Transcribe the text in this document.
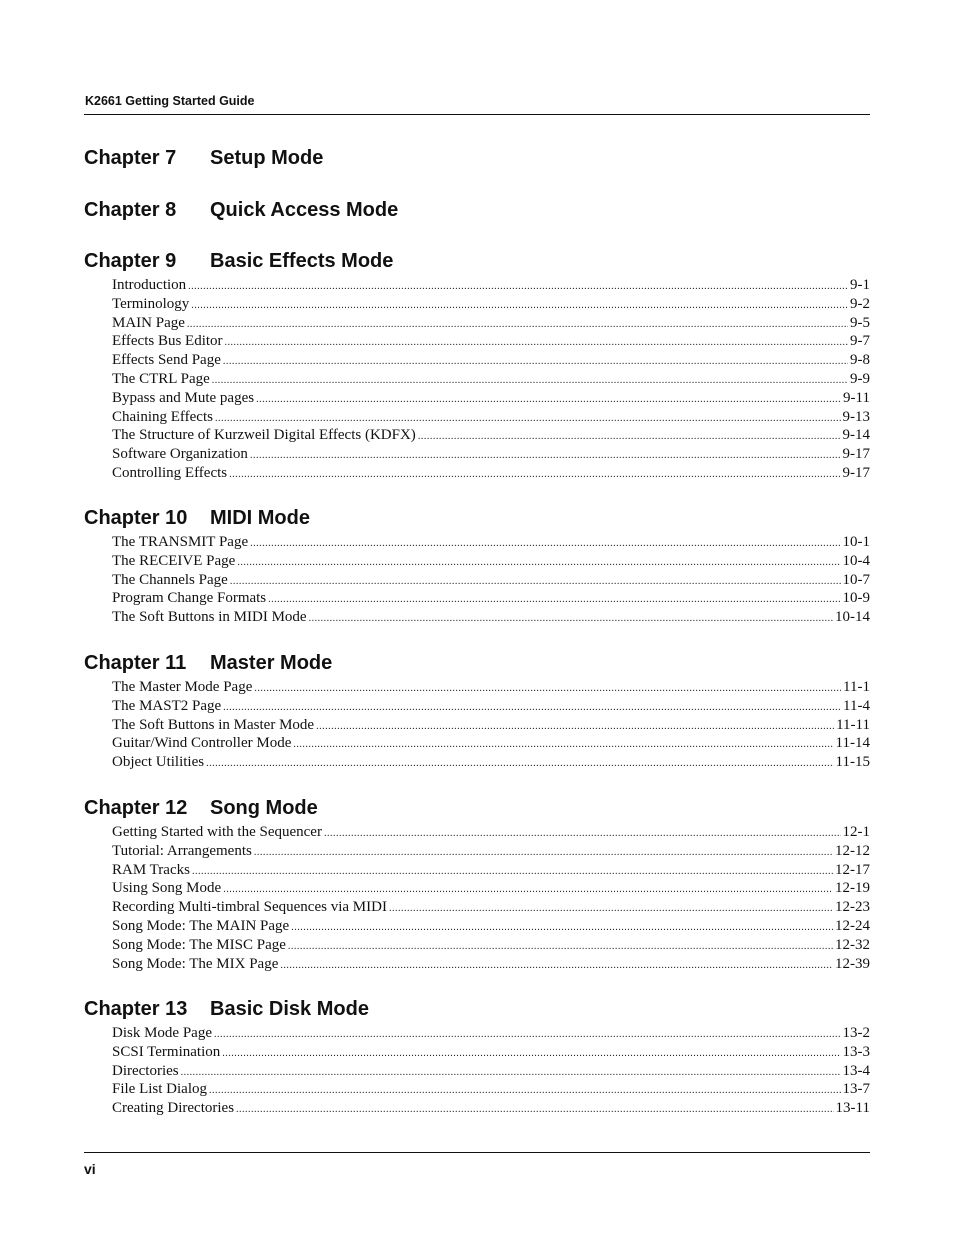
K2661 Getting Started Guide
Chapter 7	Setup Mode
Chapter 8	Quick Access Mode
Chapter 9	Basic Effects Mode
Introduction .....	9-1
Terminology .....	9-2
MAIN Page .....	9-5
Effects Bus Editor .....	9-7
Effects Send Page .....	9-8
The CTRL Page .....	9-9
Bypass and Mute pages .....	9-11
Chaining Effects .....	9-13
The Structure of Kurzweil Digital Effects (KDFX) .....	9-14
Software Organization .....	9-17
Controlling Effects .....	9-17
Chapter 10	MIDI Mode
The TRANSMIT Page .....	10-1
The RECEIVE Page .....	10-4
The Channels Page .....	10-7
Program Change Formats .....	10-9
The Soft Buttons in MIDI Mode .....	10-14
Chapter 11	Master Mode
The Master Mode Page .....	11-1
The MAST2 Page .....	11-4
The Soft Buttons in Master Mode .....	11-11
Guitar/Wind Controller Mode .....	11-14
Object Utilities .....	11-15
Chapter 12	Song Mode
Getting Started with the Sequencer .....	12-1
Tutorial: Arrangements .....	12-12
RAM Tracks .....	12-17
Using Song Mode .....	12-19
Recording Multi-timbral Sequences via MIDI .....	12-23
Song Mode: The MAIN Page .....	12-24
Song Mode: The MISC Page .....	12-32
Song Mode: The MIX Page .....	12-39
Chapter 13	Basic Disk Mode
Disk Mode Page .....	13-2
SCSI Termination .....	13-3
Directories .....	13-4
File List Dialog .....	13-7
Creating Directories .....	13-11
vi
